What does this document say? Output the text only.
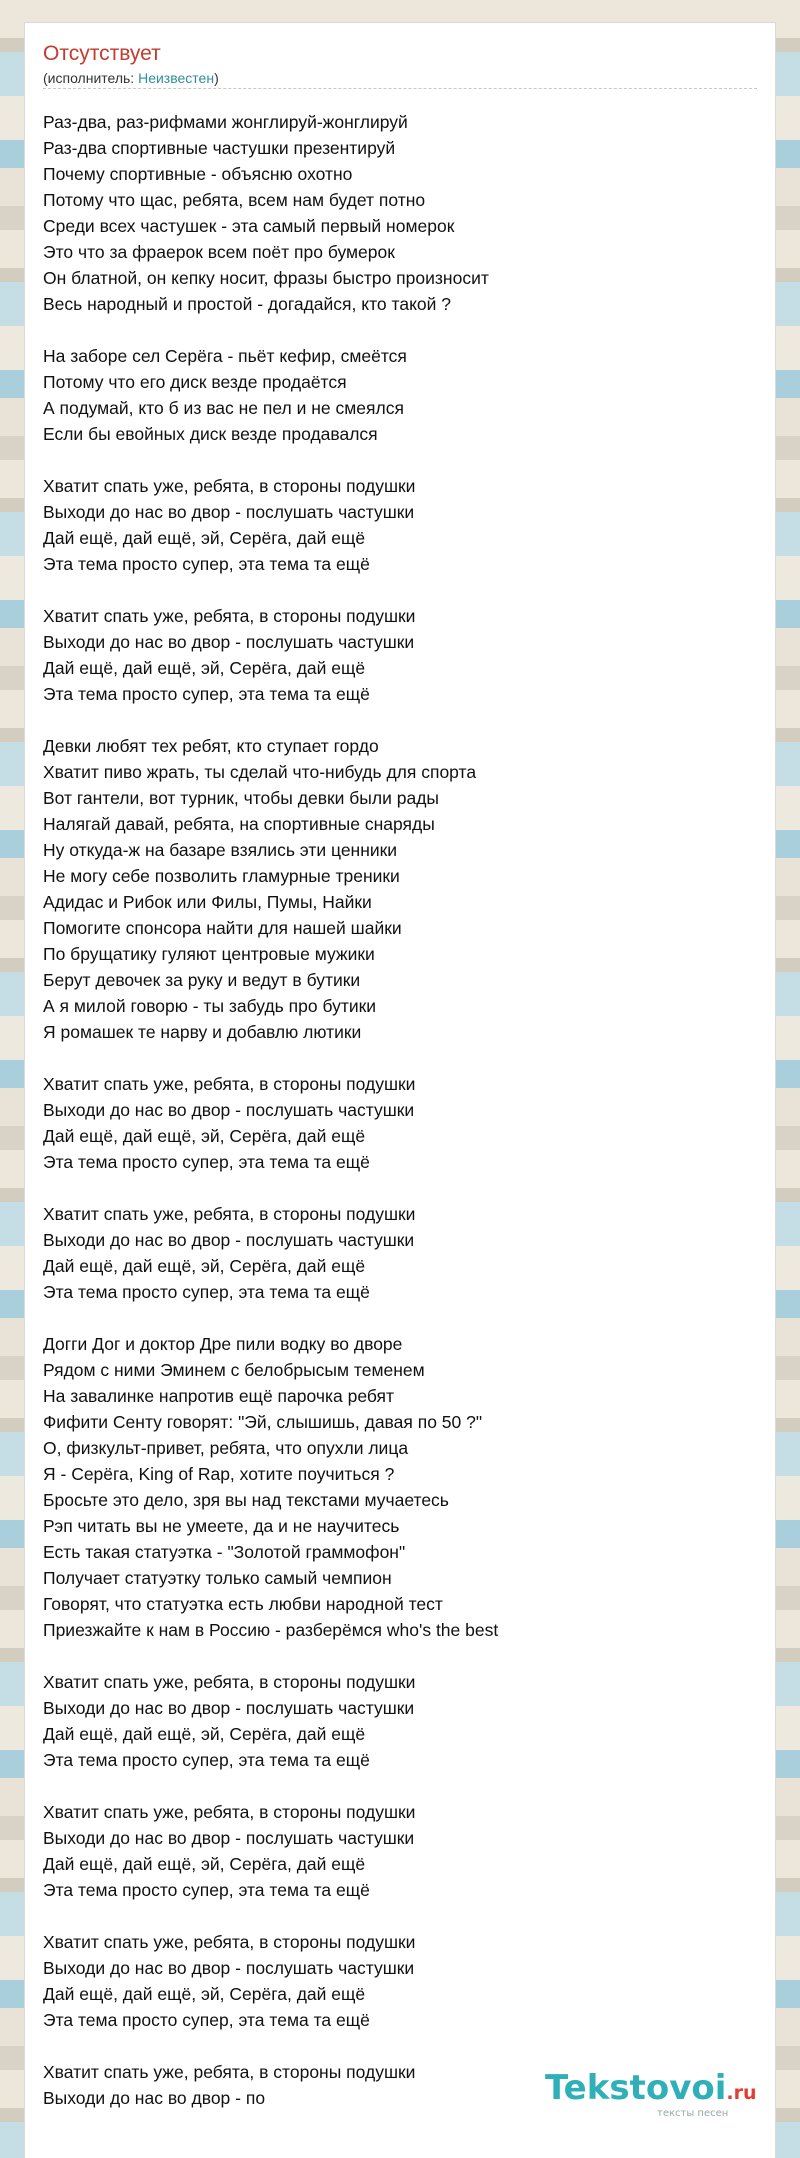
Отсутствует
(исполнитель: Неизвестен)
Раз-два, раз-рифмами жонглируй-жонглируй
Раз-два спортивные частушки презентируй
Почему спортивные - объясню охотно
Потому что щас, ребята, всем нам будет потно
Среди всех частушек - эта самый первый номерок
Это что за фраерок всем поёт про бумерок
Он блатной, он кепку носит, фразы быстро произносит
Весь народный и простой - догадайся, кто такой ?
На заборе сел Серёга - пьёт кефир, смеётся
Потому что его диск везде продаётся
А подумай, кто б из вас не пел и не смеялся
Если бы евойных диск везде продавался
Хватит спать уже, ребята, в стороны подушки
Выходи до нас во двор - послушать частушки
Дай ещё, дай ещё, эй, Серёга, дай ещё
Эта тема просто супер, эта тема та ещё
Хватит спать уже, ребята, в стороны подушки
Выходи до нас во двор - послушать частушки
Дай ещё, дай ещё, эй, Серёга, дай ещё
Эта тема просто супер, эта тема та ещё
Девки любят тех ребят, кто ступает гордо
Хватит пиво жрать, ты сделай что-нибудь для спорта
Вот гантели, вот турник, чтобы девки были рады
Налягай давай, ребята, на спортивные снаряды
Ну откуда-ж на базаре взялись эти ценники
Не могу себе позволить гламурные треники
Адидас и Рибок или Филы, Пумы, Найки
Помогите спонсора найти для нашей шайки
По брущатику гуляют центровые мужики
Берут девочек за руку и ведут в бутики
А я милой говорю - ты забудь про бутики
Я ромашек те нарву и добавлю лютики
Хватит спать уже, ребята, в стороны подушки
Выходи до нас во двор - послушать частушки
Дай ещё, дай ещё, эй, Серёга, дай ещё
Эта тема просто супер, эта тема та ещё
Хватит спать уже, ребята, в стороны подушки
Выходи до нас во двор - послушать частушки
Дай ещё, дай ещё, эй, Серёга, дай ещё
Эта тема просто супер, эта тема та ещё
Догги Дог и доктор Дре пили водку во дворе
Рядом с ними Эминем с белобрысым теменем
На завалинке напротив ещё парочка ребят
Фифити Сенту говорят: "Эй, слышишь, давая по 50 ?"
О, физкульт-привет, ребята, что опухли лица
Я - Серёга, King of Rap, хотите поучиться ?
Бросьте это дело, зря вы над текстами мучаетесь
Рэп читать вы не умеете, да и не научитесь
Есть такая статуэтка - "Золотой граммофон"
Получает статуэтку только самый чемпион
Говорят, что статуэтка есть любви народной тест
Приезжайте к нам в Россию - разберёмся who's the best
Хватит спать уже, ребята, в стороны подушки
Выходи до нас во двор - послушать частушки
Дай ещё, дай ещё, эй, Серёга, дай ещё
Эта тема просто супер, эта тема та ещё
Хватит спать уже, ребята, в стороны подушки
Выходи до нас во двор - послушать частушки
Дай ещё, дай ещё, эй, Серёга, дай ещё
Эта тема просто супер, эта тема та ещё
Хватит спать уже, ребята, в стороны подушки
Выходи до нас во двор - послушать частушки
Дай ещё, дай ещё, эй, Серёга, дай ещё
Эта тема просто супер, эта тема та ещё
Хватит спать уже, ребята, в стороны подушки
Выходи до нас во двор - по	Tekstovoi.ru
тексты песен
